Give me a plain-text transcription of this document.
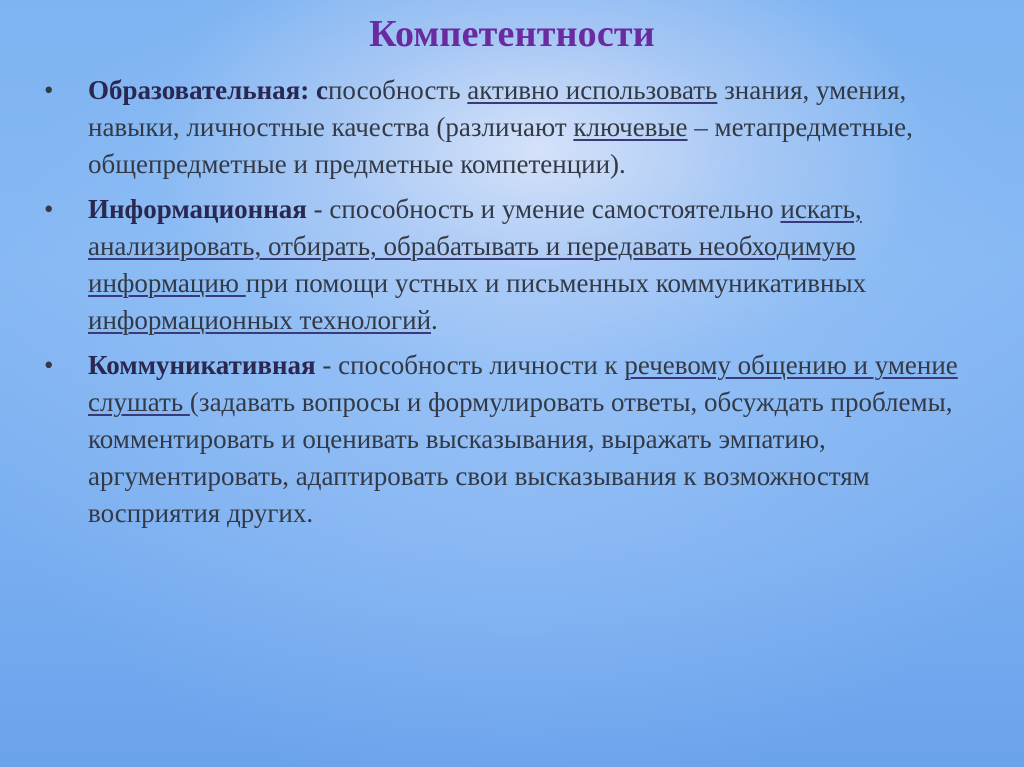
Компетентности
• Образовательная: способность активно использовать знания, умения, навыки, личностные качества (различают ключевые – метапредметные, общепредметные и предметные компетенции).
• Информационная - способность и умение самостоятельно искать, анализировать, отбирать, обрабатывать и передавать необходимую информацию при помощи устных и письменных коммуникативных информационных технологий.
• Коммуникативная - способность личности к речевому общению и умение слушать (задавать вопросы и формулировать ответы, обсуждать проблемы, комментировать и оценивать высказывания, выражать эмпатию, аргументировать, адаптировать свои высказывания к возможностям восприятия других.
